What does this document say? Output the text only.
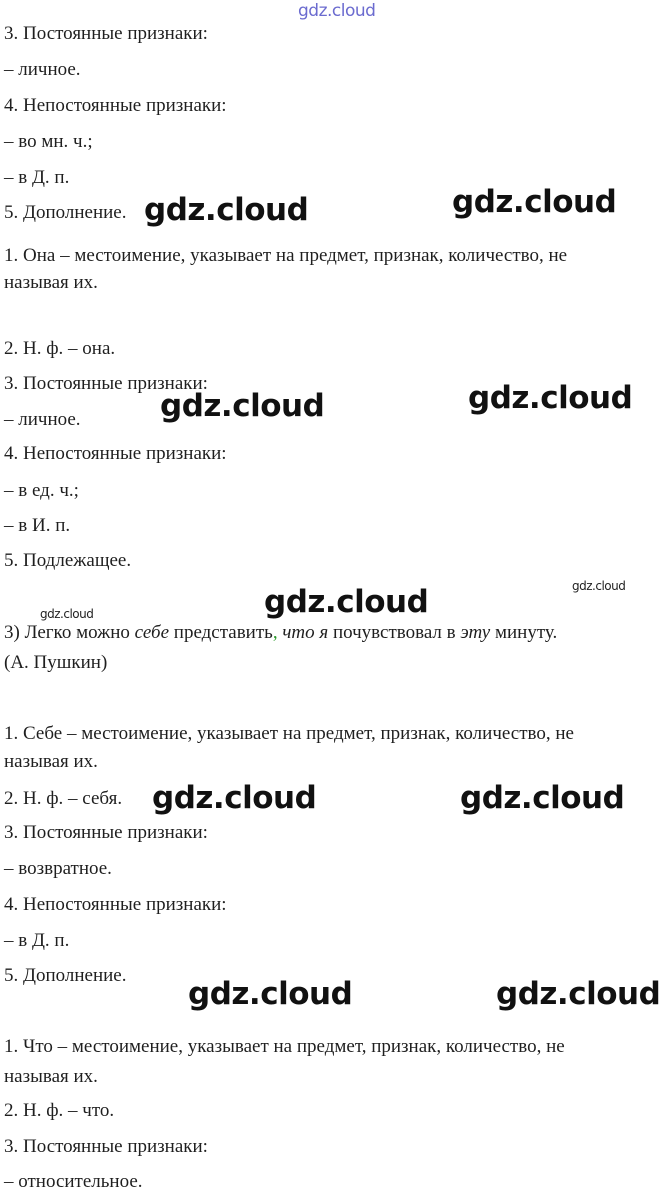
gdz.cloud
gdz.cloud	gdz.cloud
gdz.cloud	gdz.cloud
gdz.cloud
gdz.cloud
gdz.cloud
gdz.cloud	gdz.cloud
gdz.cloud	gdz.cloud
3. Постоянные признаки:
– личное.
4. Непостоянные признаки:
– во мн. ч.;
– в Д. п.
5. Дополнение.
1. Она – местоимение, указывает на предмет, признак, количество, не
называя их.
2. Н. ф. – она.
3. Постоянные признаки:
– личное.
4. Непостоянные признаки:
– в ед. ч.;
– в И. п.
5. Подлежащее.
3) Легко можно себе представить, что я почувствовал в эту минуту.
(А. Пушкин)
1. Себе – местоимение, указывает на предмет, признак, количество, не
называя их.
2. Н. ф. – себя.
3. Постоянные признаки:
– возвратное.
4. Непостоянные признаки:
– в Д. п.
5. Дополнение.
1. Что – местоимение, указывает на предмет, признак, количество, не
называя их.
2. Н. ф. – что.
3. Постоянные признаки:
– относительное.
